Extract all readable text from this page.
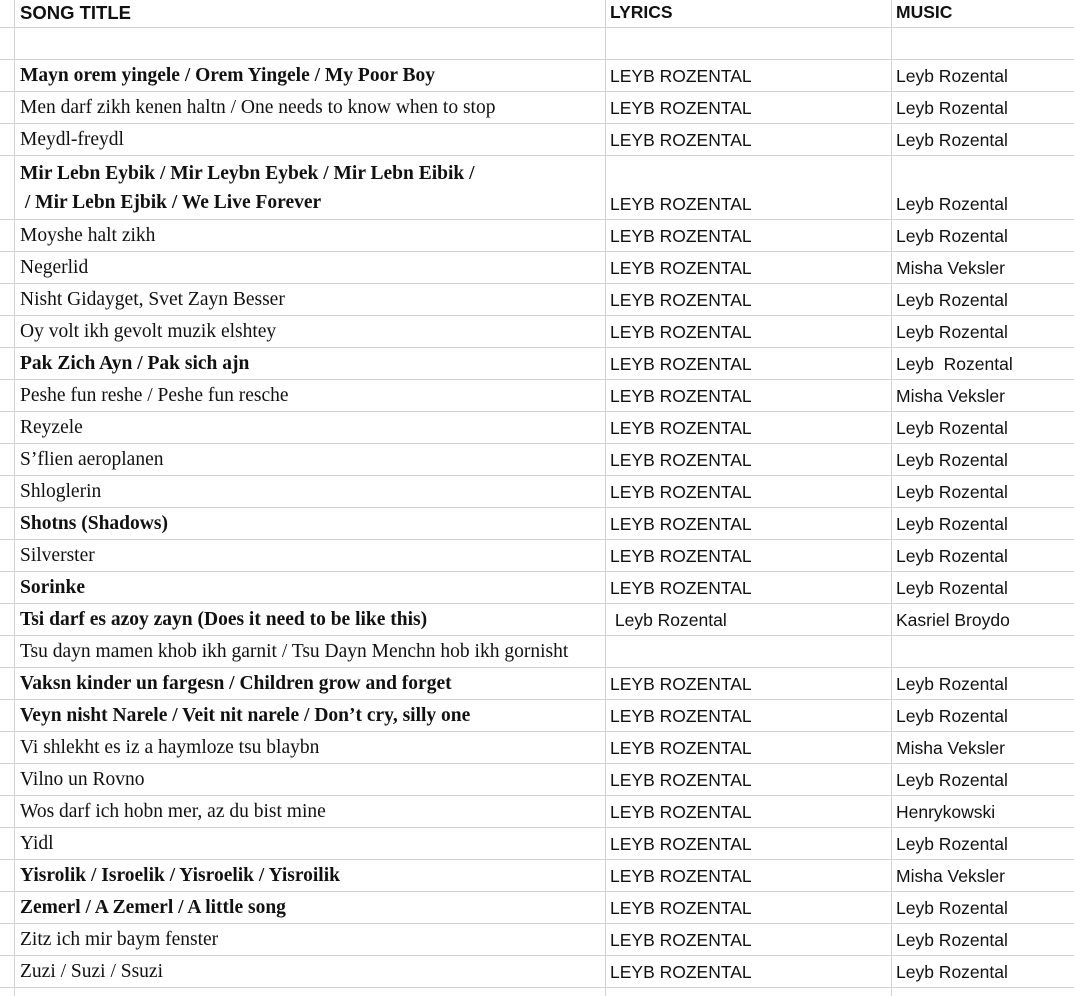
SONG TITLE	LYRICS	MUSIC
Mayn orem yingele / Orem Yingele / My Poor Boy	LEYB ROZENTAL	Leyb Rozental
Men darf zikh kenen haltn / One needs to know when to stop	LEYB ROZENTAL	Leyb Rozental
Meydl-freydl	LEYB ROZENTAL	Leyb Rozental
Mir Lebn Eybik / Mir Leybn Eybek / Mir Lebn Eibik /
/ Mir Lebn Ejbik / We Live Forever	LEYB ROZENTAL	Leyb Rozental
Moyshe halt zikh	LEYB ROZENTAL	Leyb Rozental
Negerlid	LEYB ROZENTAL	Misha Veksler
Nisht Gidayget, Svet Zayn Besser	LEYB ROZENTAL	Leyb Rozental
Oy volt ikh gevolt muzik elshtey	LEYB ROZENTAL	Leyb Rozental
Pak Zich Ayn / Pak sich ajn	LEYB ROZENTAL	Leyb  Rozental
Peshe fun reshe / Peshe fun resche	LEYB ROZENTAL	Misha Veksler
Reyzele	LEYB ROZENTAL	Leyb Rozental
S’flien aeroplanen	LEYB ROZENTAL	Leyb Rozental
Shloglerin	LEYB ROZENTAL	Leyb Rozental
Shotns (Shadows)	LEYB ROZENTAL	Leyb Rozental
Silverster	LEYB ROZENTAL	Leyb Rozental
Sorinke	LEYB ROZENTAL	Leyb Rozental
Tsi darf es azoy zayn (Does it need to be like this)	Leyb Rozental	Kasriel Broydo
Tsu dayn mamen khob ikh garnit / Tsu Dayn Menchn hob ikh gornisht
Vaksn kinder un fargesn / Children grow and forget	LEYB ROZENTAL	Leyb Rozental
Veyn nisht Narele / Veit nit narele / Don’t cry, silly one	LEYB ROZENTAL	Leyb Rozental
Vi shlekht es iz a haymloze tsu blaybn	LEYB ROZENTAL	Misha Veksler
Vilno un Rovno	LEYB ROZENTAL	Leyb Rozental
Wos darf ich hobn mer, az du bist mine	LEYB ROZENTAL	Henrykowski
Yidl	LEYB ROZENTAL	Leyb Rozental
Yisrolik / Isroelik / Yisroelik / Yisroilik	LEYB ROZENTAL	Misha Veksler
Zemerl / A Zemerl / A little song	LEYB ROZENTAL	Leyb Rozental
Zitz ich mir baym fenster	LEYB ROZENTAL	Leyb Rozental
Zuzi / Suzi / Ssuzi	LEYB ROZENTAL	Leyb Rozental
